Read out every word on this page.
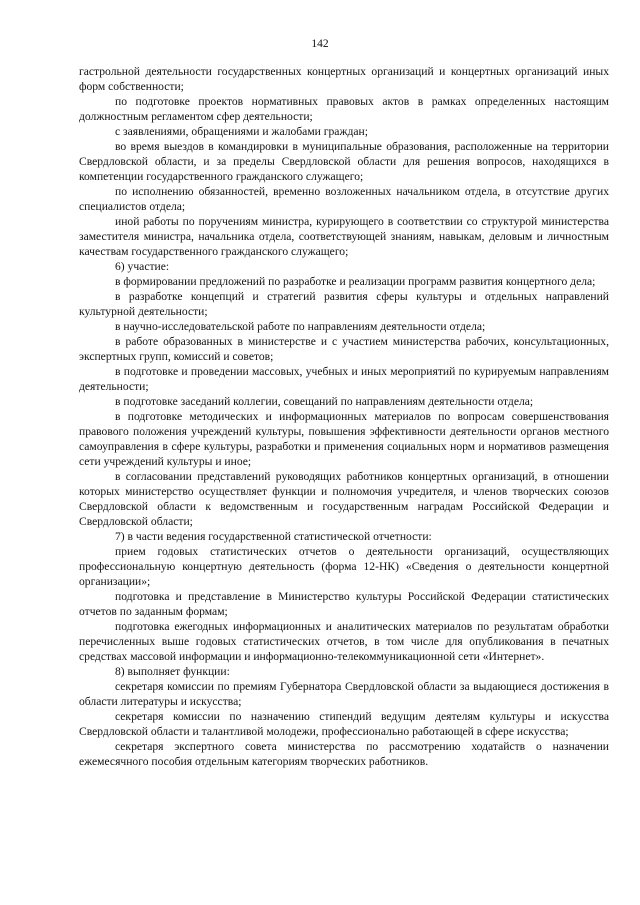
142

гастрольной деятельности государственных концертных организаций и концертных организаций иных форм собственности;

по подготовке проектов нормативных правовых актов в рамках определенных настоящим должностным регламентом сфер деятельности;

с заявлениями, обращениями и жалобами граждан;

во время выездов в командировки в муниципальные образования, расположенные на территории Свердловской области, и за пределы Свердловской области для решения вопросов, находящихся в компетенции государственного гражданского служащего;

по исполнению обязанностей, временно возложенных начальником отдела, в отсутствие других специалистов отдела;

иной работы по поручениям министра, курирующего в соответствии со структурой министерства заместителя министра, начальника отдела, соответствующей знаниям, навыкам, деловым и личностным качествам государственного гражданского служащего;

6) участие:

в формировании предложений по разработке и реализации программ развития концертного дела;

в разработке концепций и стратегий развития сферы культуры и отдельных направлений культурной деятельности;

в научно-исследовательской работе по направлениям деятельности отдела;

в работе образованных в министерстве и с участием министерства рабочих, консультационных, экспертных групп, комиссий и советов;

в подготовке и проведении массовых, учебных и иных мероприятий по курируемым направлениям деятельности;

в подготовке заседаний коллегии, совещаний по направлениям деятельности отдела;

в подготовке методических и информационных материалов по вопросам совершенствования правового положения учреждений культуры, повышения эффективности деятельности органов местного самоуправления в сфере культуры, разработки и применения социальных норм и нормативов размещения сети учреждений культуры и иное;

в согласовании представлений руководящих работников концертных организаций, в отношении которых министерство осуществляет функции и полномочия учредителя, и членов творческих союзов Свердловской области к ведомственным и государственным наградам Российской Федерации и Свердловской области;

7) в части ведения государственной статистической отчетности:

прием годовых статистических отчетов о деятельности организаций, осуществляющих профессиональную концертную деятельность (форма 12-НК) «Сведения о деятельности концертной организации»;

подготовка и представление в Министерство культуры Российской Федерации статистических отчетов по заданным формам;

подготовка ежегодных информационных и аналитических материалов по результатам обработки перечисленных выше годовых статистических отчетов, в том числе для опубликования в печатных средствах массовой информации и информационно-телекоммуникационной сети «Интернет».

8) выполняет функции:

секретаря комиссии по премиям Губернатора Свердловской области за выдающиеся достижения в области литературы и искусства;

секретаря комиссии по назначению стипендий ведущим деятелям культуры и искусства Свердловской области и талантливой молодежи, профессионально работающей в сфере искусства;

секретаря экспертного совета министерства по рассмотрению ходатайств о назначении ежемесячного пособия отдельным категориям творческих работников.
